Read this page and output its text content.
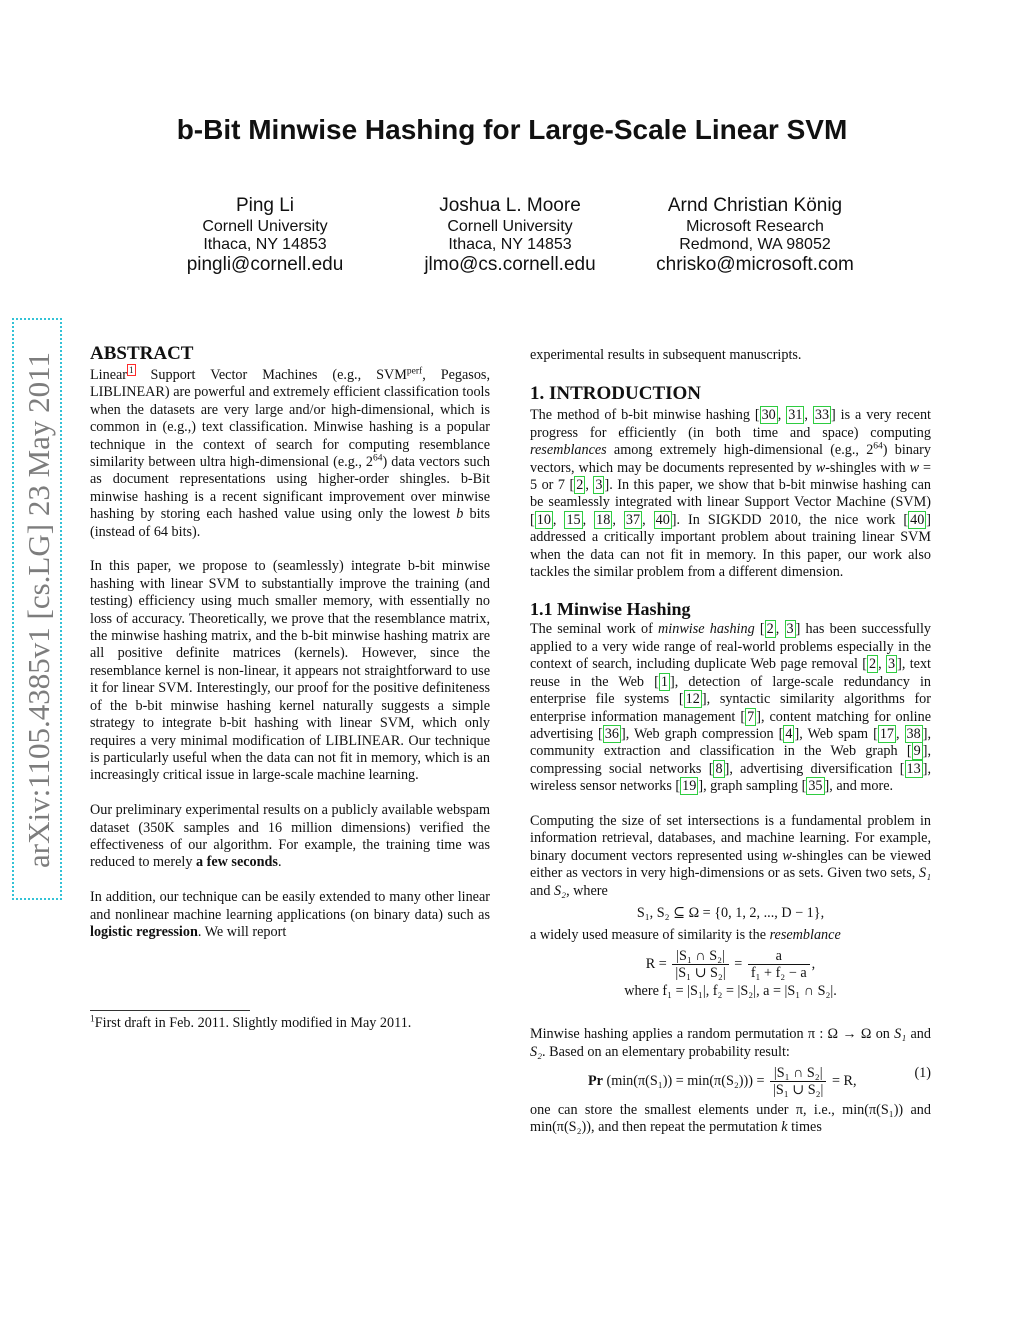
arXiv:1105.4385v1 [cs.LG] 23 May 2011
b-Bit Minwise Hashing for Large-Scale Linear SVM
Ping Li
Cornell University
Ithaca, NY 14853
pingli@cornell.edu
Joshua L. Moore
Cornell University
Ithaca, NY 14853
jlmo@cs.cornell.edu
Arnd Christian König
Microsoft Research
Redmond, WA 98052
chrisko@microsoft.com
ABSTRACT

Linear $^1$ Support Vector Machines (e.g., $SVM^{perf}$, Pegasos, LIBLINEAR) are powerful and extremely efficient classification tools when the datasets are very large and/or high-dimensional, which is common in (e.g.,) text classification. Minwise hashing is a popular technique in the context of search for computing resemblance similarity between ultra high-dimensional (e.g., $2^{64}$) data vectors such as document representations using higher-order shingles. b-Bit minwise hashing is a recent significant improvement over minwise hashing by storing each hashed value using only the lowest b bits (instead of 64 bits).

In this paper, we propose to (seamlessly) integrate b-bit minwise hashing with linear SVM to substantially improve the training (and testing) efficiency using much smaller memory, with essentially no loss of accuracy. Theoretically, we prove that the resemblance matrix, the minwise hashing matrix, and the b-bit minwise hashing matrix are all positive definite matrices (kernels). However, since the resemblance kernel is non-linear, it appears not straightforward to use it for linear SVM. Interestingly, our proof for the positive definiteness of the b-bit minwise hashing kernel naturally suggests a simple strategy to integrate b-bit hashing with linear SVM, which only requires a very minimal modification of LIBLINEAR. Our technique is particularly useful when the data can not fit in memory, which is an increasingly critical issue in large-scale machine learning.

Our preliminary experimental results on a publicly available webspam dataset (350K samples and 16 million dimensions) verified the effectiveness of our algorithm. For example, the training time was reduced to merely a few seconds.

In addition, our technique can be easily extended to many other linear and nonlinear machine learning applications (on binary data) such as logistic regression. We will report

$^1$First draft in Feb. 2011. Slightly modified in May 2011.

experimental results in subsequent manuscripts.

1. INTRODUCTION

The method of b-bit minwise hashing [ 30 , 31 , 33 ] is a very recent progress for efficiently (in both time and space) computing resemblances among extremely high-dimensional (e.g., $2^{64}$) binary vectors, which may be documents represented by w-shingles with w = 5 or 7 [ 2 , 3 ]. In this paper, we show that b-bit minwise hashing can be seamlessly integrated with linear Support Vector Machine (SVM) [ 10 , 15 , 18 , 37 , 40 ]. In SIGKDD 2010, the nice work [ 40 ] addressed a critically important problem about training linear SVM when the data can not fit in memory. In this paper, our work also tackles the similar problem from a different dimension.

1.1 Minwise Hashing

The seminal work of minwise hashing [ 2 , 3 ] has been successfully applied to a very wide range of real-world problems especially in the context of search, including duplicate Web page removal [ 2 , 3 ], text reuse in the Web [ 1 ], detection of large-scale redundancy in enterprise file systems [ 12 ], syntactic similarity algorithms for enterprise information management [ 7 ], content matching for online advertising [ 36 ], Web graph compression [ 4 ], Web spam [ 17 , 38 ], community extraction and classification in the Web graph [ 9 ], compressing social networks [ 8 ], advertising diversification [ 13 ], wireless sensor networks [ 19 ], graph sampling [ 35 ], and more.

Computing the size of set intersections is a fundamental problem in information retrieval, databases, and machine learning. For example, binary document vectors represented using w-shingles can be viewed either as vectors in very high-dimensions or as sets. Given two sets, S₁ and S₂, where

S₁, S₂ ⊆ Ω = {0, 1, 2, ..., D − 1},

a widely used measure of similarity is the resemblance

$R = \frac{\text{|S₁ ∩ S₂|}}{\text{|S₁ ∪ S₂|}} = \frac{a}{\text{f₁ + f₂ − a}}$ ,
where f₁ = |S₁|, f₂ = |S₂|, a = |S₁ ∩ S₂|.

Minwise hashing applies a random permutation π : Ω → Ω on S₁ and S₂. Based on an elementary probability result:

Pr $(\min(\pi(S_1)) = \min(\pi(S_2))) = \frac{\text{|S₁ ∩ S₂|}}{\text{|S₁ ∪ S₂|}} = R$,	(1)

one can store the smallest elements under π, i.e., min(π(S₁)) and min(π(S₂)), and then repeat the permutation k times
